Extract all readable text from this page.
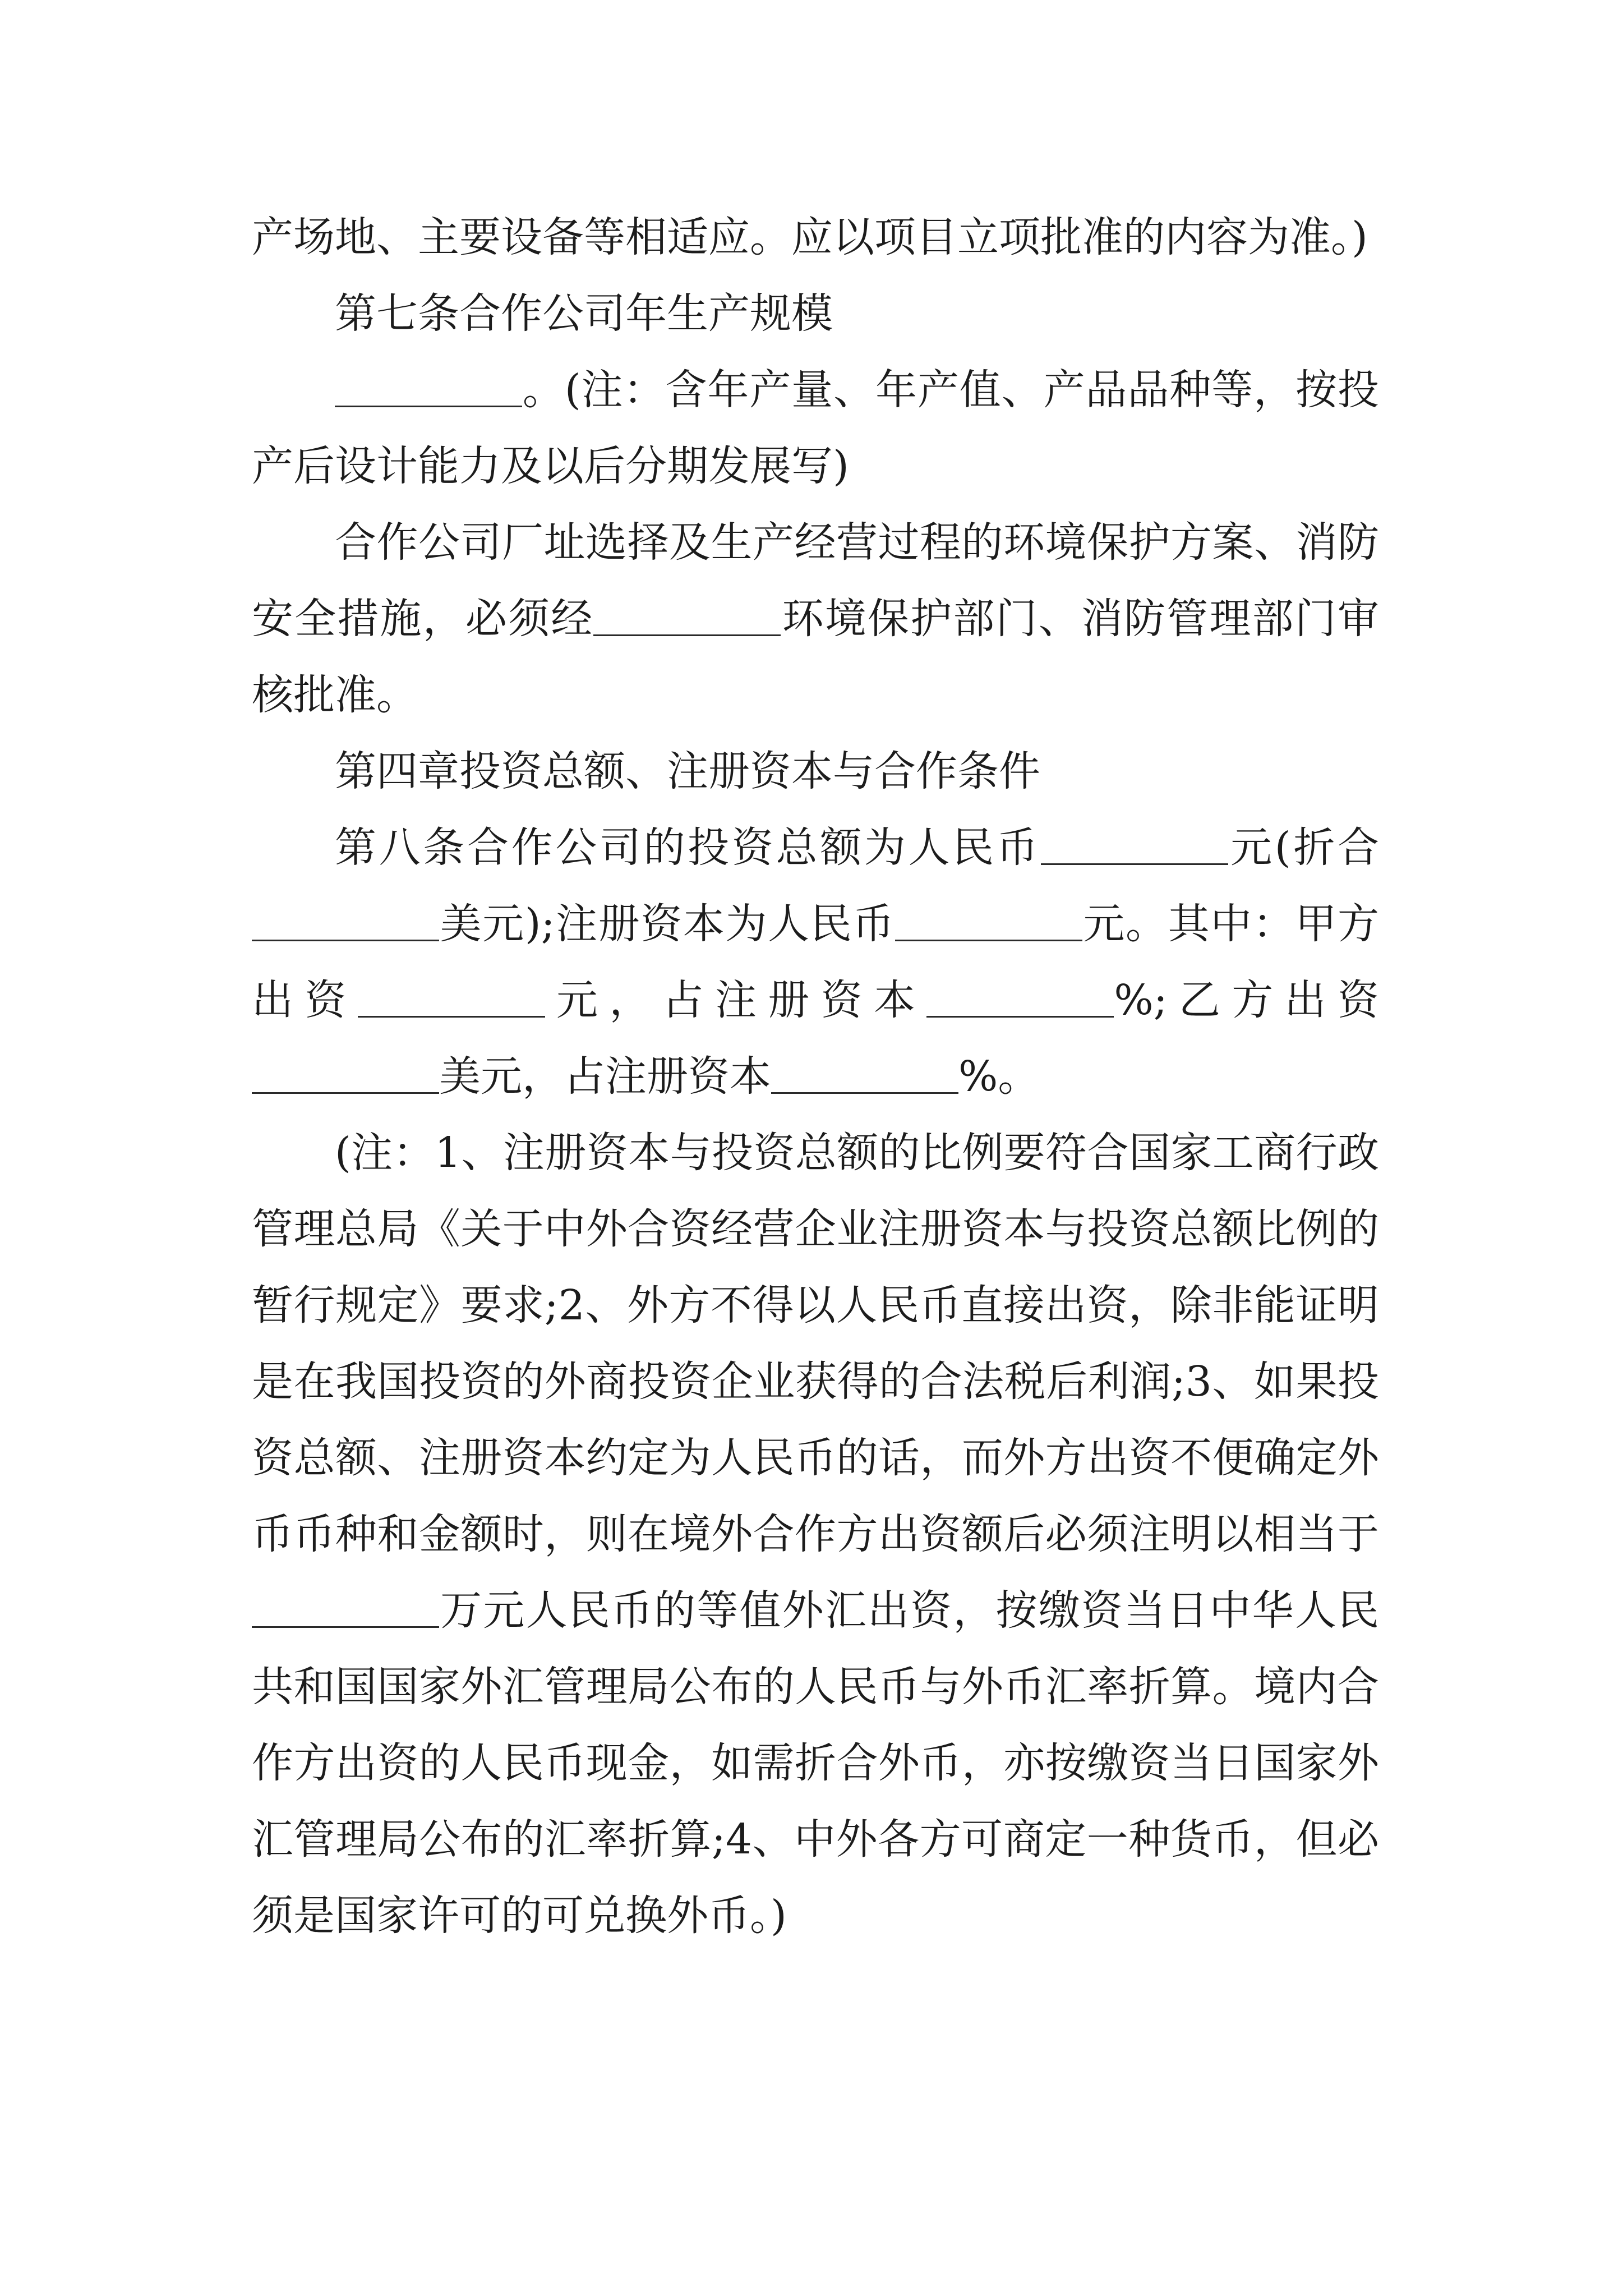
产场地、主要设备等相适应。应以项目立项批准的内容为准。)

第七条合作公司年生产规模

。(注：含年产量、年产值、产品品种等，按投产后设计能力及以后分期发展写)

合作公司厂址选择及生产经营过程的环境保护方案、消防安全措施，必须经	环境保护部门、消防管理部门审核批准。

第四章投资总额、注册资本与合作条件

第八条合作公司的投资总额为人民币	元(折合美元);注册资本为人民币	元。其中：甲方出资	元，占注册资本	%;乙方出资美元，占注册资本	%。

(注：1、注册资本与投资总额的比例要符合国家工商行政管理总局《关于中外合资经营企业注册资本与投资总额比例的暂行规定》要求;2、外方不得以人民币直接出资，除非能证明是在我国投资的外商投资企业获得的合法税后利润;3、如果投资总额、注册资本约定为人民币的话，而外方出资不便确定外币币种和金额时，则在境外合作方出资额后必须注明以相当于万元人民币的等值外汇出资，按缴资当日中华人民共和国国家外汇管理局公布的人民币与外币汇率折算。境内合作方出资的人民币现金，如需折合外币，亦按缴资当日国家外汇管理局公布的汇率折算;4、中外各方可商定一种货币，但必须是国家许可的可兑换外币。)
